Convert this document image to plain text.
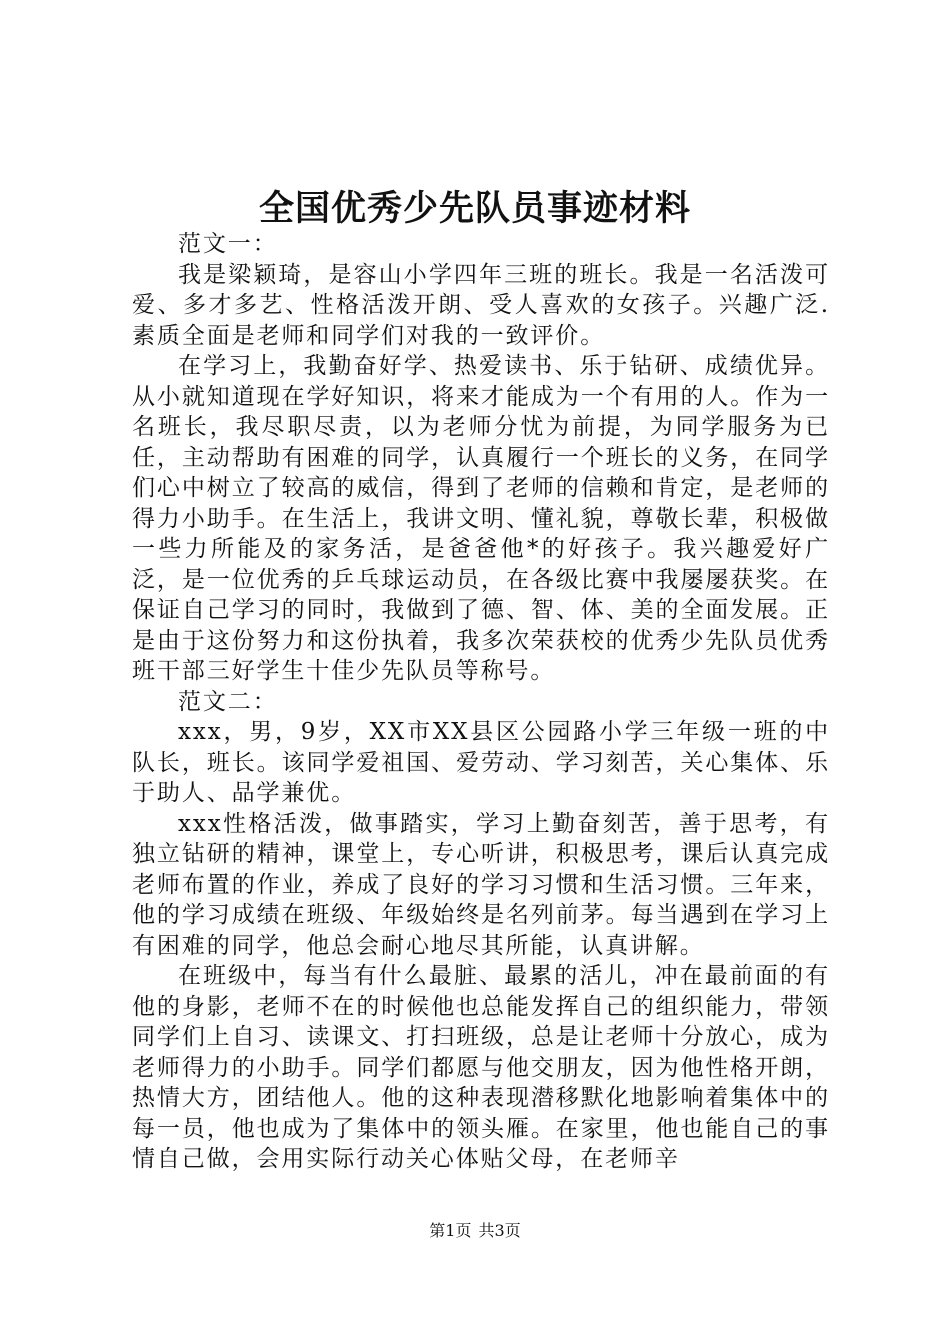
全国优秀少先队员事迹材料

范文一：

我是梁颖琦，是容山小学四年三班的班长。我是一名活泼可爱、多才多艺、性格活泼开朗、受人喜欢的女孩子。兴趣广泛.素质全面是老师和同学们对我的一致评价。

在学习上，我勤奋好学、热爱读书、乐于钻研、成绩优异。从小就知道现在学好知识，将来才能成为一个有用的人。作为一名班长，我尽职尽责，以为老师分忧为前提，为同学服务为已任，主动帮助有困难的同学，认真履行一个班长的义务，在同学们心中树立了较高的威信，得到了老师的信赖和肯定，是老师的得力小助手。在生活上，我讲文明、懂礼貌，尊敬长辈，积极做一些力所能及的家务活，是爸爸他*的好孩子。我兴趣爱好广泛，是一位优秀的乒乓球运动员，在各级比赛中我屡屡获奖。在保证自己学习的同时，我做到了德、智、体、美的全面发展。正是由于这份努力和这份执着，我多次荣获校的优秀少先队员优秀班干部三好学生十佳少先队员等称号。

范文二：

xxx，男，9岁，XX市XX县区公园路小学三年级一班的中队长，班长。该同学爱祖国、爱劳动、学习刻苦，关心集体、乐于助人、品学兼优。

xxx性格活泼，做事踏实，学习上勤奋刻苦，善于思考，有独立钻研的精神，课堂上，专心听讲，积极思考，课后认真完成老师布置的作业，养成了良好的学习习惯和生活习惯。三年来，他的学习成绩在班级、年级始终是名列前茅。每当遇到在学习上有困难的同学，他总会耐心地尽其所能，认真讲解。

在班级中，每当有什么最脏、最累的活儿，冲在最前面的有他的身影，老师不在的时候他也总能发挥自己的组织能力，带领同学们上自习、读课文、打扫班级，总是让老师十分放心，成为老师得力的小助手。同学们都愿与他交朋友，因为他性格开朗，热情大方，团结他人。他的这种表现潜移默化地影响着集体中的每一员，他也成为了集体中的领头雁。在家里，他也能自己的事情自己做，会用实际行动关心体贴父母，在老师辛

第1页 共3页
